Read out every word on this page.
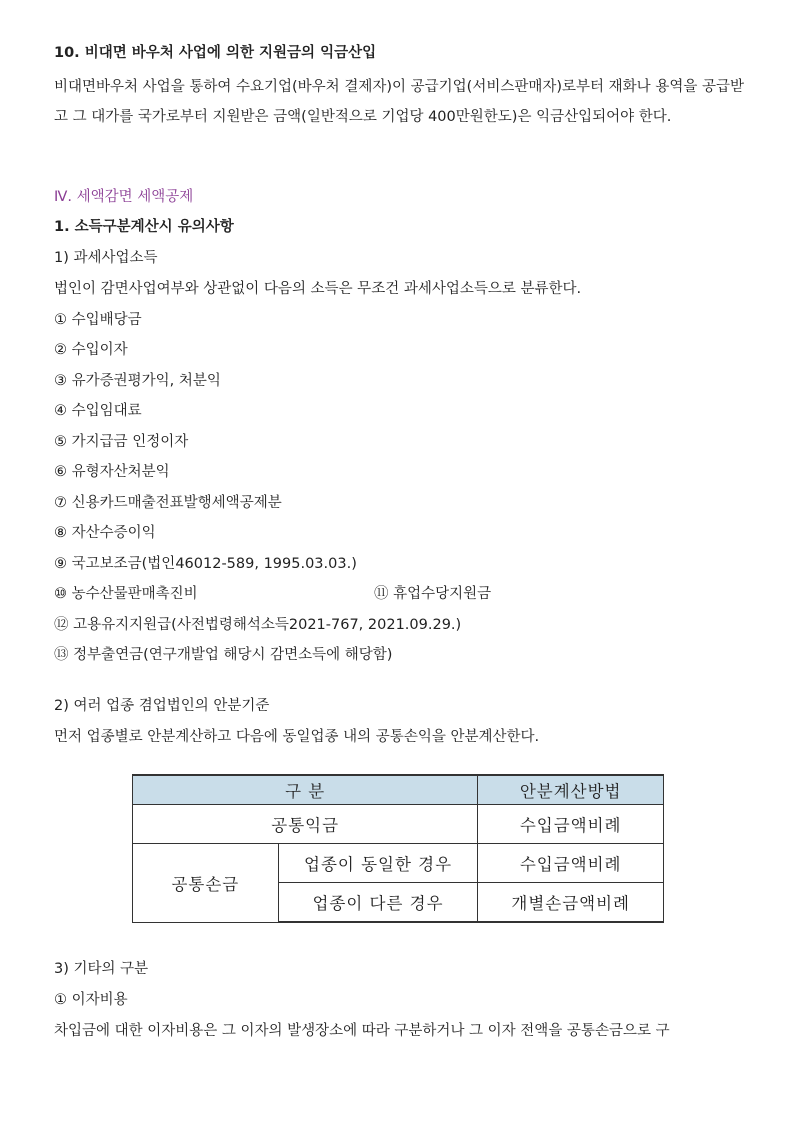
10. 비대면 바우처 사업에 의한 지원금의 익금산입
비대면바우처 사업을 통하여 수요기업(바우처 결제자)이 공급기업(서비스판매자)로부터 재화나 용역을 공급받고 그 대가를 국가로부터 지원받은 금액(일반적으로 기업당 400만원한도)은 익금산입되어야 한다.
Ⅳ. 세액감면 세액공제
1. 소득구분계산시 유의사항
1) 과세사업소득
법인이 감면사업여부와 상관없이 다음의 소득은 무조건 과세사업소득으로 분류한다.
① 수입배당금
② 수입이자
③ 유가증권평가익, 처분익
④ 수입임대료
⑤ 가지급금 인정이자
⑥ 유형자산처분익
⑦ 신용카드매출전표발행세액공제분
⑧ 자산수증이익
⑨ 국고보조금(법인46012-589, 1995.03.03.)
⑩ 농수산물판매촉진비	⑪ 휴업수당지원금
⑫ 고용유지지원급(사전법령해석소득2021-767, 2021.09.29.)
⑬ 정부출연금(연구개발업 해당시 감면소득에 해당함)
2) 여러 업종 겸업법인의 안분기준
먼저 업종별로 안분계산하고 다음에 동일업종 내의 공통손익을 안분계산한다.
구 분		안분계산방법
공통익금		수입금액비례
공통손금	업종이 동일한 경우	수입금액비례
	업종이 다른 경우	개별손금액비례
3) 기타의 구분
① 이자비용
차입금에 대한 이자비용은 그 이자의 발생장소에 따라 구분하거나 그 이자 전액을 공통손금으로 구
